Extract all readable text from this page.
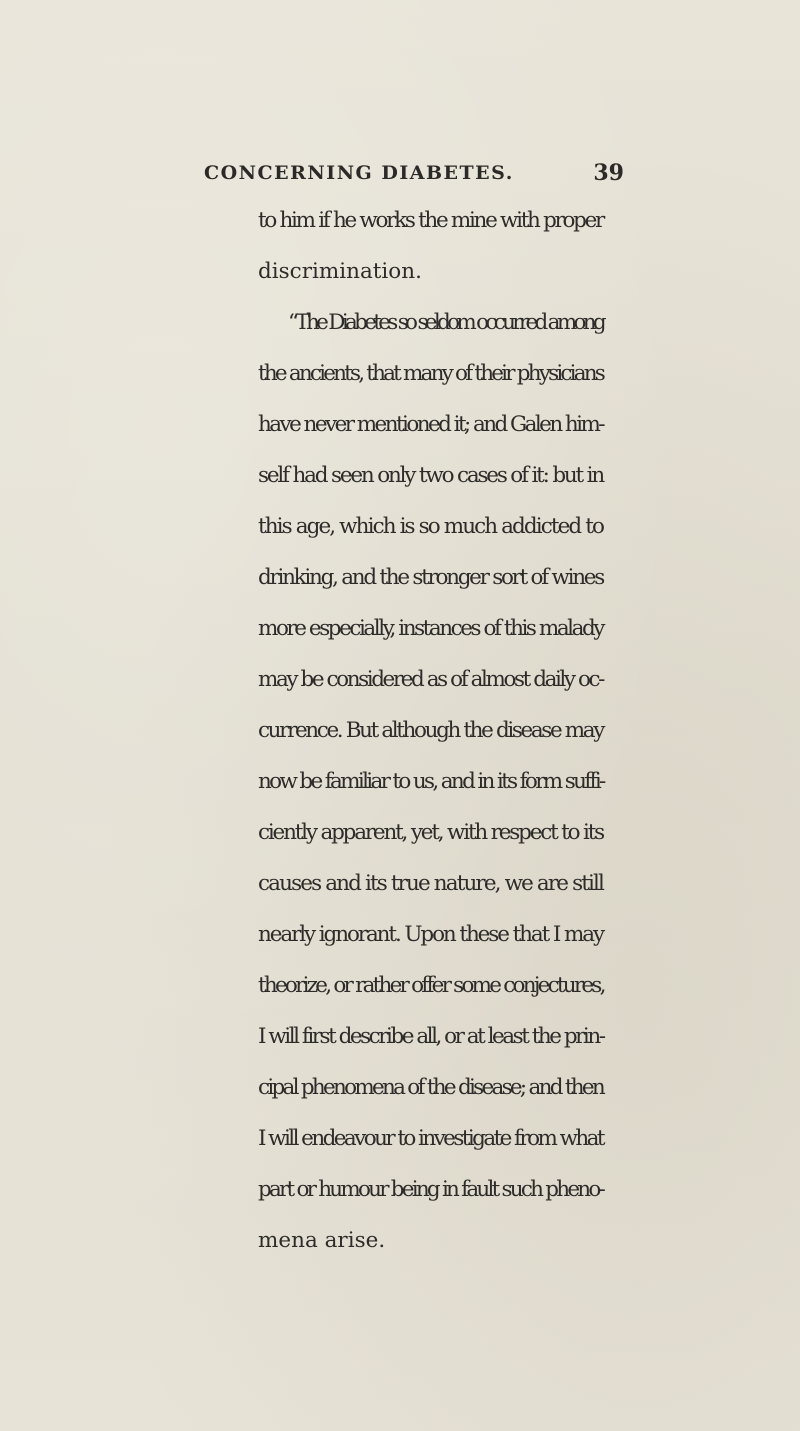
CONCERNING DIABETES.	39
to him if he works the mine with proper
discrimination.
“The Diabetes so seldom occurred among
the ancients, that many of their physicians
have never mentioned it; and Galen him-
self had seen only two cases of it: but in
this age, which is so much addicted to
drinking, and the stronger sort of wines
more especially, instances of this malady
may be considered as of almost daily oc-
currence. But although the disease may
now be familiar to us, and in its form suffi-
ciently apparent, yet, with respect to its
causes and its true nature, we are still
nearly ignorant. Upon these that I may
theorize, or rather offer some conjectures,
I will first describe all, or at least the prin-
cipal phenomena of the disease; and then
I will endeavour to investigate from what
part or humour being in fault such pheno-
mena arise.
